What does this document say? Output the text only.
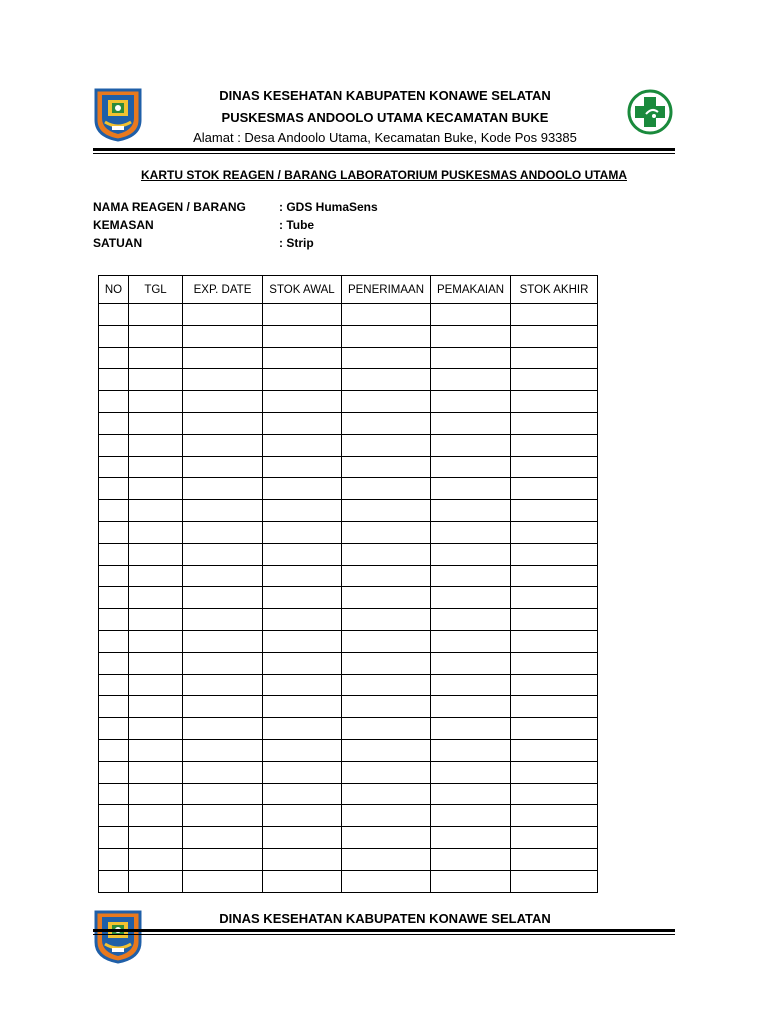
DINAS KESEHATAN KABUPATEN KONAWE SELATAN
PUSKESMAS ANDOOLO UTAMA KECAMATAN BUKE
Alamat : Desa Andoolo Utama, Kecamatan Buke, Kode Pos 93385
KARTU STOK REAGEN / BARANG LABORATORIUM PUSKESMAS ANDOOLO UTAMA
NAMA REAGEN / BARANG	: GDS HumaSens
KEMASAN	: Tube
SATUAN	: Strip
NO	TGL	EXP. DATE	STOK AWAL	PENERIMAAN	PEMAKAIAN	STOK AKHIR

DINAS KESEHATAN KABUPATEN KONAWE SELATAN
